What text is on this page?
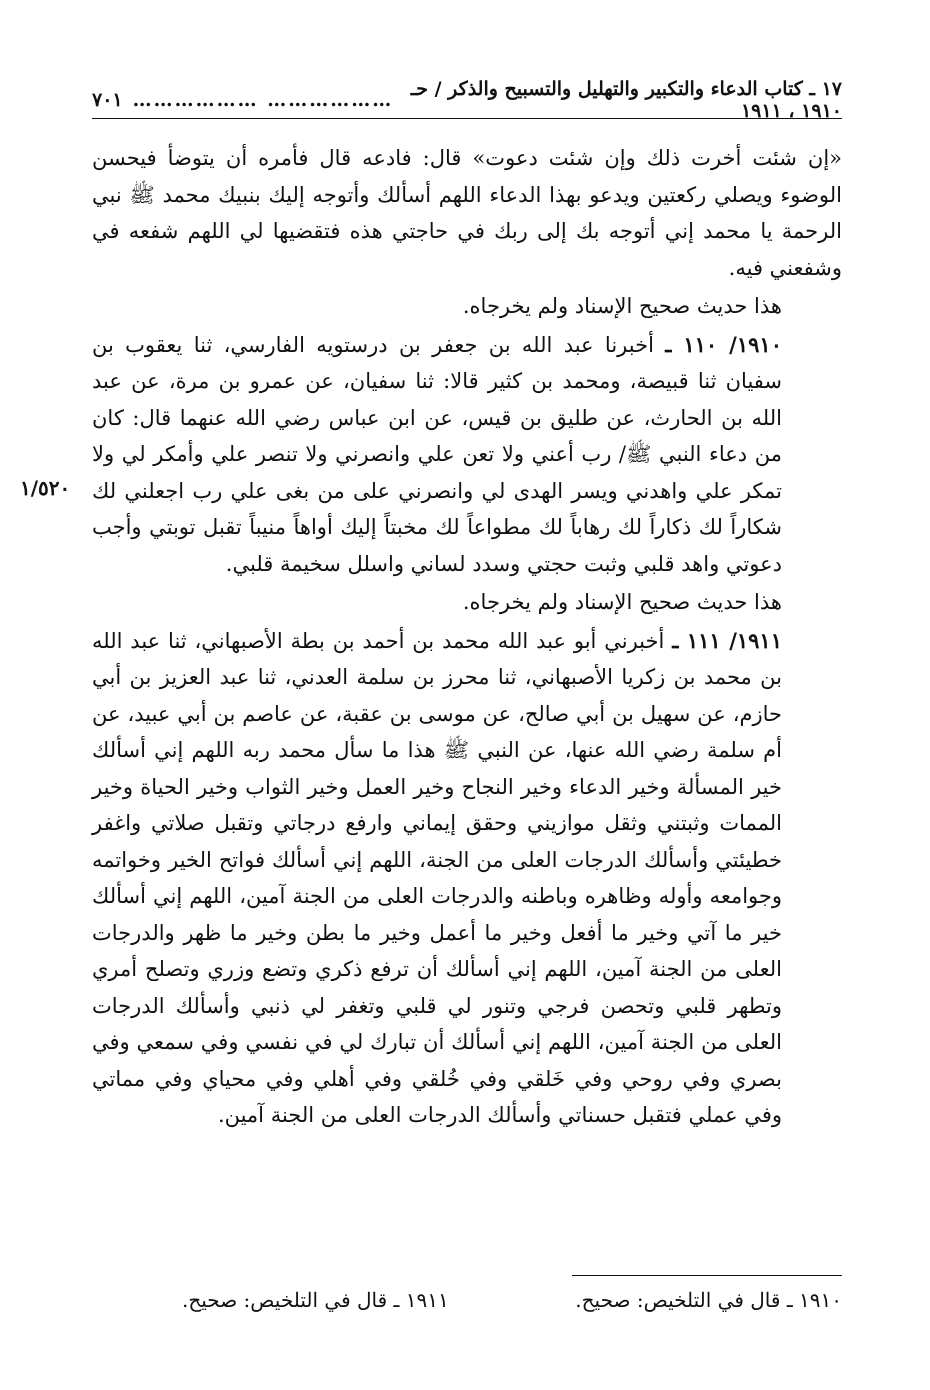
١٧ ـ كتاب الدعاء والتكبير والتهليل والتسبيح والذكر / حـ ١٩١٠ ، ١٩١١
……………… ………………
٧٠١
١/٥٢٠

«إن شئت أخرت ذلك وإن شئت دعوت» قال: فادعه قال فأمره أن يتوضأ فيحسن الوضوء ويصلي ركعتين ويدعو بهذا الدعاء اللهم أسألك وأتوجه إليك بنبيك محمد ﷺ نبي الرحمة يا محمد إني أتوجه بك إلى ربك في حاجتي هذه فتقضيها لي اللهم شفعه في وشفعني فيه.

هذا حديث صحيح الإسناد ولم يخرجاه.

١٩١٠/ ١١٠ ـ أخبرنا عبد الله بن جعفر بن درستويه الفارسي، ثنا يعقوب بن سفيان ثنا قبيصة، ومحمد بن كثير قالا: ثنا سفيان، عن عمرو بن مرة، عن عبد الله بن الحارث، عن طليق بن قيس، عن ابن عباس رضي الله عنهما قال: كان من دعاء النبي ﷺ/ رب أعني ولا تعن علي وانصرني ولا تنصر علي وأمكر لي ولا تمكر علي واهدني ويسر الهدى لي وانصرني على من بغى علي رب اجعلني لك شكاراً لك ذكاراً لك رهاباً لك مطواعاً لك مخبتاً إليك أواهاً منيباً تقبل توبتي وأجب دعوتي واهد قلبي وثبت حجتي وسدد لساني واسلل سخيمة قلبي.

هذا حديث صحيح الإسناد ولم يخرجاه.

١٩١١/ ١١١ ـ أخبرني أبو عبد الله محمد بن أحمد بن بطة الأصبهاني، ثنا عبد الله بن محمد بن زكريا الأصبهاني، ثنا محرز بن سلمة العدني، ثنا عبد العزيز بن أبي حازم، عن سهيل بن أبي صالح، عن موسى بن عقبة، عن عاصم بن أبي عبيد، عن أم سلمة رضي الله عنها، عن النبي ﷺ هذا ما سأل محمد ربه اللهم إني أسألك خير المسألة وخير الدعاء وخير النجاح وخير العمل وخير الثواب وخير الحياة وخير الممات وثبتني وثقل موازيني وحقق إيماني وارفع درجاتي وتقبل صلاتي واغفر خطيئتي وأسألك الدرجات العلى من الجنة، اللهم إني أسألك فواتح الخير وخواتمه وجوامعه وأوله وظاهره وباطنه والدرجات العلى من الجنة آمين، اللهم إني أسألك خير ما آتي وخير ما أفعل وخير ما أعمل وخير ما بطن وخير ما ظهر والدرجات العلى من الجنة آمين، اللهم إني أسألك أن ترفع ذكري وتضع وزري وتصلح أمري وتطهر قلبي وتحصن فرجي وتنور لي قلبي وتغفر لي ذنبي وأسألك الدرجات العلى من الجنة آمين، اللهم إني أسألك أن تبارك لي في نفسي وفي سمعي وفي بصري وفي روحي وفي خَلقي وفي خُلقي وفي أهلي وفي محياي وفي مماتي وفي عملي فتقبل حسناتي وأسألك الدرجات العلى من الجنة آمين.

١٩١٠ ـ قال في التلخيص: صحيح.
١٩١١ ـ قال في التلخيص: صحيح.
